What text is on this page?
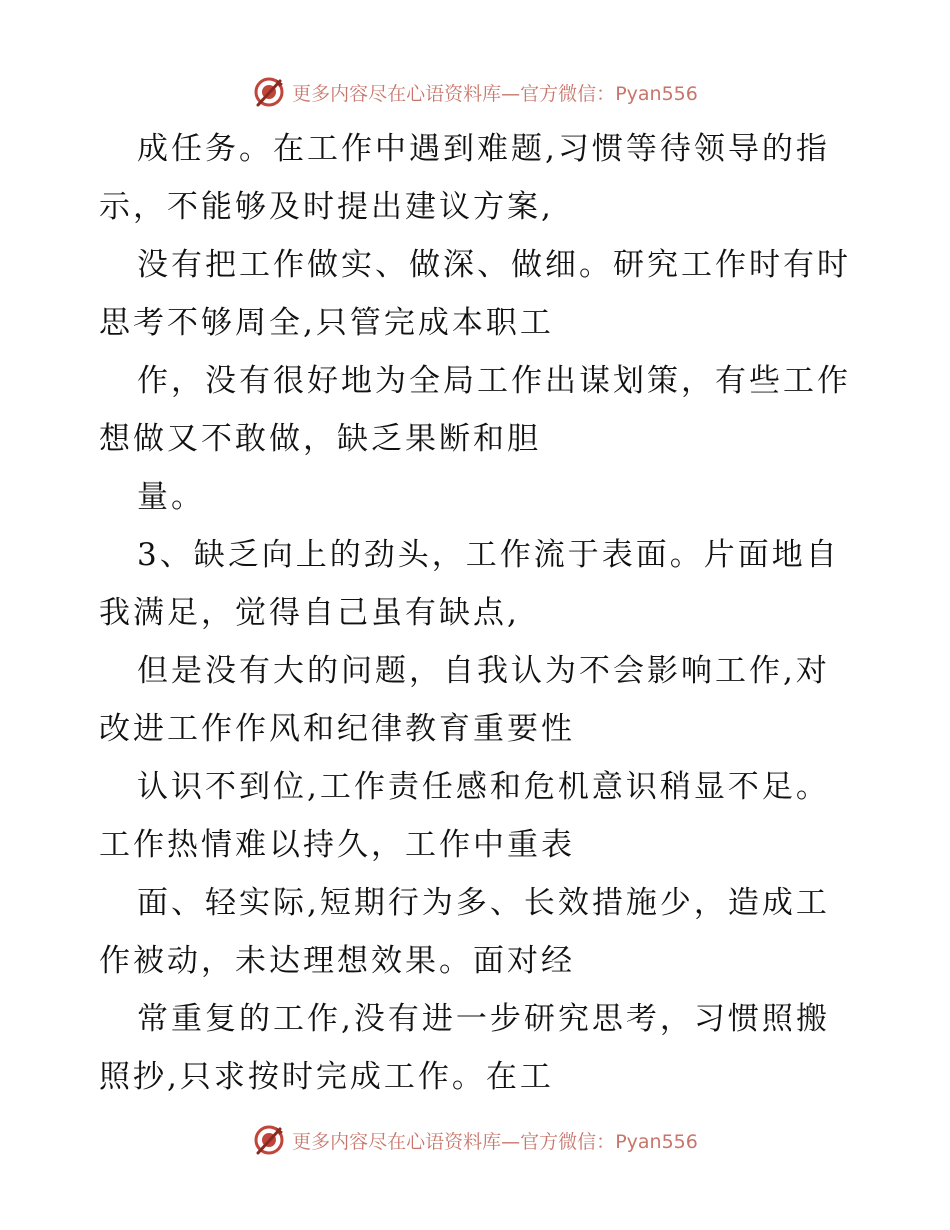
更多内容尽在心语资料库—官方微信：Pyan556

成任务。在工作中遇到难题,习惯等待领导的指示，不能够及时提出建议方案,

没有把工作做实、做深、做细。研究工作时有时思考不够周全,只管完成本职工

作，没有很好地为全局工作出谋划策，有些工作想做又不敢做，缺乏果断和胆

量。

3、缺乏向上的劲头，工作流于表面。片面地自我满足，觉得自己虽有缺点,

但是没有大的问题，自我认为不会影响工作,对改进工作作风和纪律教育重要性

认识不到位,工作责任感和危机意识稍显不足。工作热情难以持久，工作中重表

面、轻实际,短期行为多、长效措施少，造成工作被动，未达理想效果。面对经

常重复的工作,没有进一步研究思考，习惯照搬照抄,只求按时完成工作。在工

更多内容尽在心语资料库—官方微信：Pyan556
